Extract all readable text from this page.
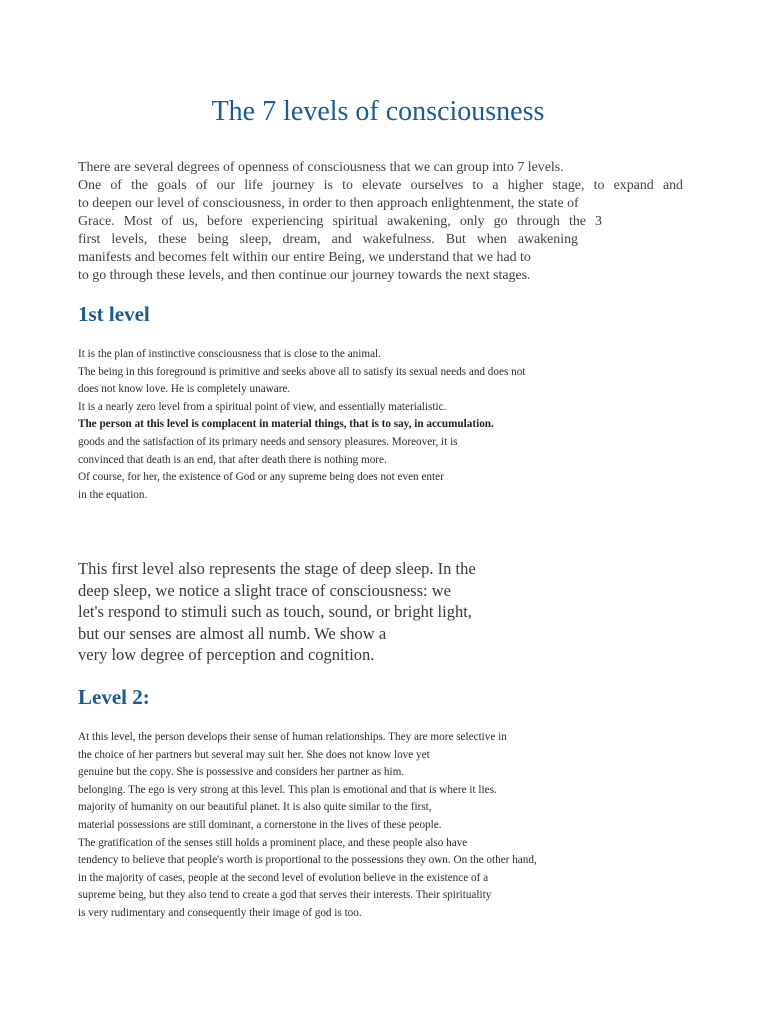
The 7 levels of consciousness
There are several degrees of openness of consciousness that we can group into 7 levels.
One of the goals of our life journey is to elevate ourselves to a higher stage, to expand and
to deepen our level of consciousness, in order to then approach enlightenment, the state of
Grace. Most of us, before experiencing spiritual awakening, only go through the 3
first levels, these being sleep, dream, and wakefulness. But when awakening
manifests and becomes felt within our entire Being, we understand that we had to
to go through these levels, and then continue our journey towards the next stages.
1st level
It is the plan of instinctive consciousness that is close to the animal.
The being in this foreground is primitive and seeks above all to satisfy its sexual needs and does not
does not know love. He is completely unaware.
It is a nearly zero level from a spiritual point of view, and essentially materialistic.
The person at this level is complacent in material things, that is to say, in accumulation.
goods and the satisfaction of its primary needs and sensory pleasures. Moreover, it is
convinced that death is an end, that after death there is nothing more.
Of course, for her, the existence of God or any supreme being does not even enter
in the equation.
This first level also represents the stage of deep sleep. In the
deep sleep, we notice a slight trace of consciousness: we
let's respond to stimuli such as touch, sound, or bright light,
but our senses are almost all numb. We show a
very low degree of perception and cognition.
Level 2:
At this level, the person develops their sense of human relationships. They are more selective in
the choice of her partners but several may suit her. She does not know love yet
genuine but the copy. She is possessive and considers her partner as him.
belonging. The ego is very strong at this level. This plan is emotional and that is where it lies.
majority of humanity on our beautiful planet. It is also quite similar to the first,
material possessions are still dominant, a cornerstone in the lives of these people.
The gratification of the senses still holds a prominent place, and these people also have
tendency to believe that people's worth is proportional to the possessions they own. On the other hand,
in the majority of cases, people at the second level of evolution believe in the existence of a
supreme being, but they also tend to create a god that serves their interests. Their spirituality
is very rudimentary and consequently their image of god is too.
